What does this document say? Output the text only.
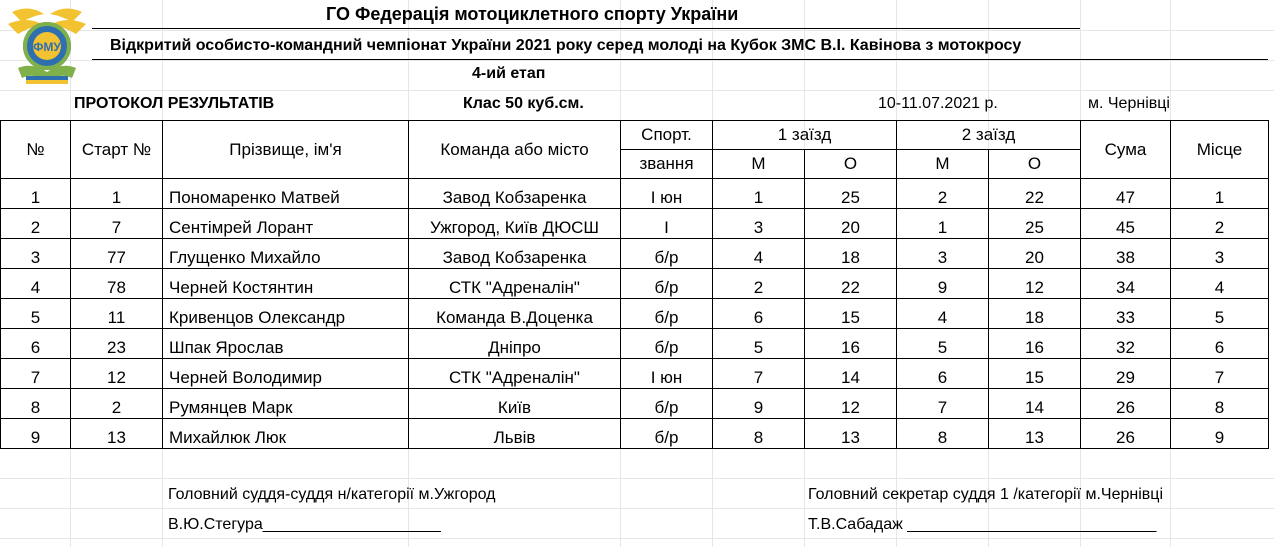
ФМУ
ГО Федерація мотоциклетного спорту України
Відкритий особисто-командний чемпіонат України 2021 року серед молоді на Кубок ЗМС В.І. Кавінова з мотокросу
4-ий етап
ПРОТОКОЛ РЕЗУЛЬТАТІВ	Клас 50 куб.см.	10-11.07.2021 р.	м. Чернівці
№	Старт №	Прізвище, ім'я	Команда або місто	Спорт.	1 заїзд		2 заїзд		Сума	Місце
				звання	М	О	М	О		
1	1	Пономаренко Матвей	Завод Кобзаренка	І юн	1	25	2	22	47	1
2	7	Сентімрей Лорант	Ужгород, Київ ДЮСШ	І	3	20	1	25	45	2
3	77	Глущенко Михайло	Завод Кобзаренка	б/р	4	18	3	20	38	3
4	78	Черней Костянтин	СТК "Адреналін"	б/р	2	22	9	12	34	4
5	11	Кривенцов Олександр	Команда В.Доценка	б/р	6	15	4	18	33	5
6	23	Шпак Ярослав	Дніпро	б/р	5	16	5	16	32	6
7	12	Черней Володимир	СТК "Адреналін"	І юн	7	14	6	15	29	7
8	2	Румянцев Марк	Київ	б/р	9	12	7	14	26	8
9	13	Михайлюк Люк	Львів	б/р	8	13	8	13	26	9
Головний суддя-суддя н/категорії м.Ужгород
В.Ю.Стегура____________________
Головний секретар суддя 1 /категорії м.Чернівці
Т.В.Сабадаж ____________________________
